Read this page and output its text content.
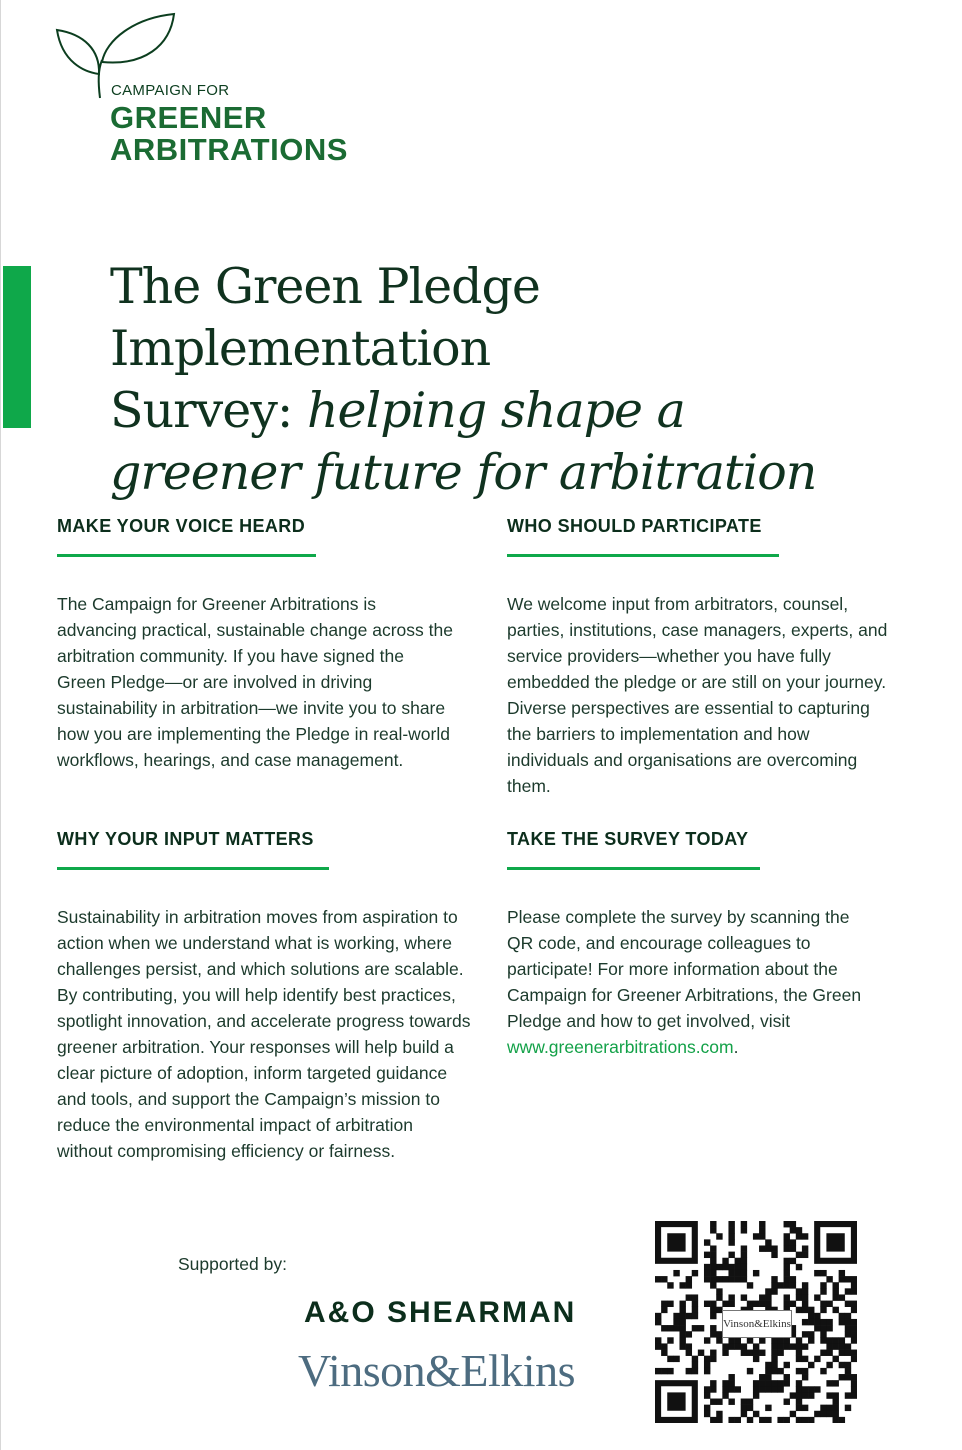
CAMPAIGN FOR
GREENER
ARBITRATIONS
The Green Pledge Implementation
Survey: helping shape a
greener future for arbitration
MAKE YOUR VOICE HEARD

The Campaign for Greener Arbitrations is advancing practical, sustainable change across the arbitration community. If you have signed the Green Pledge—or are involved in driving sustainability in arbitration—we invite you to share how you are implementing the Pledge in real-world workflows, hearings, and case management.

WHO SHOULD PARTICIPATE

We welcome input from arbitrators, counsel, parties, institutions, case managers, experts, and service providers—whether you have fully embedded the pledge or are still on your journey. Diverse perspectives are essential to capturing the barriers to implementation and how individuals and organisations are overcoming them.

WHY YOUR INPUT MATTERS

Sustainability in arbitration moves from aspiration to action when we understand what is working, where challenges persist, and which solutions are scalable. By contributing, you will help identify best practices, spotlight innovation, and accelerate progress towards greener arbitration. Your responses will help build a clear picture of adoption, inform targeted guidance and tools, and support the Campaign’s mission to reduce the environmental impact of arbitration without compromising efficiency or fairness.

TAKE THE SURVEY TODAY

Please complete the survey by scanning the QR code, and encourage colleagues to participate! For more information about the Campaign for Greener Arbitrations, the Green Pledge and how to get involved, visit www.greenerarbitrations.com.

Supported by:
A&O SHEARMAN
Vinson&Elkins
Vinson&Elkins
